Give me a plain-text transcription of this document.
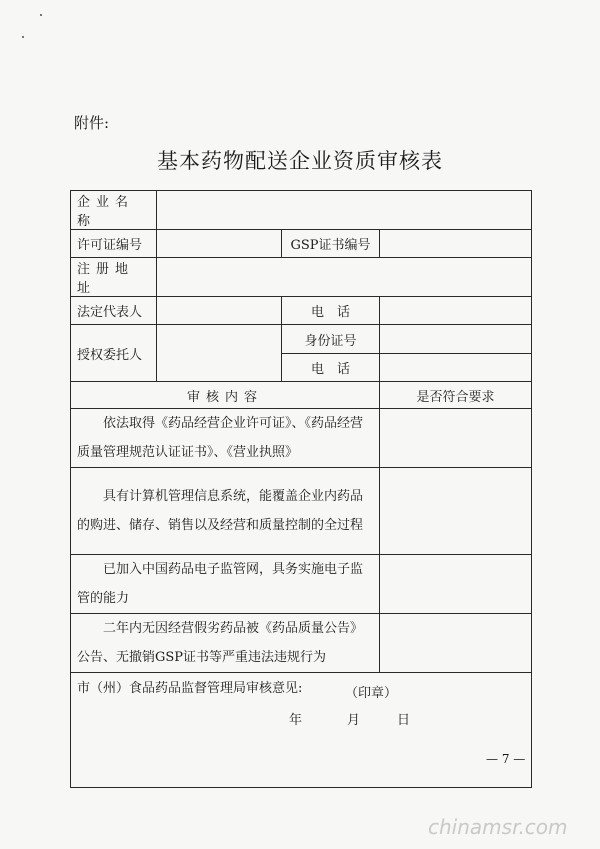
附件:
基本药物配送企业资质审核表
企业名称			
许可证编号		GSP证书编号	
注册地址			
法定代表人		电　话	
授权委托人		身份证号	
		电　话	
审核内容			是否符合要求
依法取得《药品经营企业许可证》、《药品经营质量管理规范认证证书》、《营业执照》			
具有计算机管理信息系统，能覆盖企业内药品的购进、储存、销售以及经营和质量控制的全过程			
已加入中国药品电子监管网，具务实施电子监管的能力			
二年内无因经营假劣药品被《药品质量公告》公告、无撤销GSP证书等严重违法违规行为			

市（州）食品药品监督管理局审核意见:				（印章）
年	月	日
— 7 —
chinamsr.com
